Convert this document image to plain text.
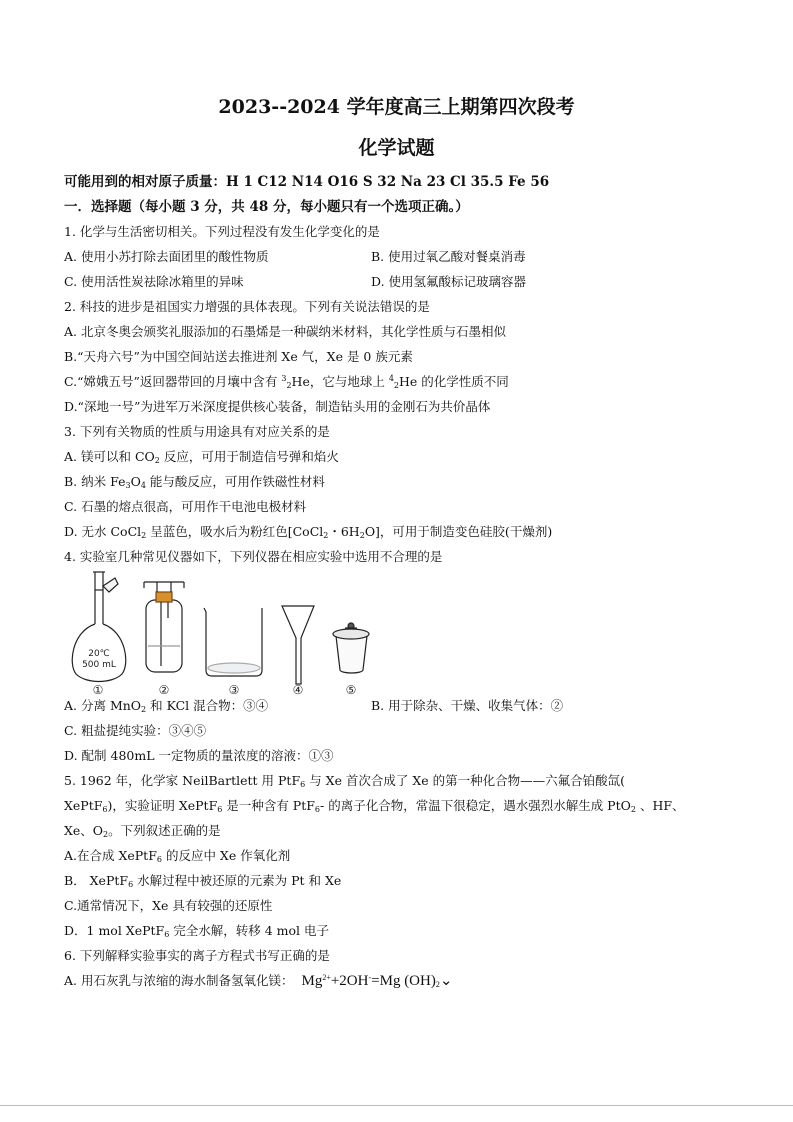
2023--2024 学年度高三上期第四次段考
化学试题
可能用到的相对原子质量：H 1 C12 N14 O16 S 32 Na 23 Cl 35.5 Fe 56
一．选择题（每小题 3 分，共 48 分，每小题只有一个选项正确。）
1. 化学与生活密切相关。下列过程没有发生化学变化的是
A. 使用小苏打除去面团里的酸性物质	B. 使用过氧乙酸对餐桌消毒
C. 使用活性炭祛除冰箱里的异味	D. 使用氢氟酸标记玻璃容器
2. 科技的进步是祖国实力增强的具体表现。下列有关说法错误的是
A. 北京冬奥会颁奖礼服添加的石墨烯是一种碳纳米材料，其化学性质与石墨相似
B.“天舟六号”为中国空间站送去推进剂 Xe 气，Xe 是 0 族元素
C.“嫦娥五号”返回器带回的月壤中含有 $^3_2$He，它与地球上 $^4_2$He 的化学性质不同
D.“深地一号”为进军万米深度提供核心装备，制造钻头用的金刚石为共价晶体
3. 下列有关物质的性质与用途具有对应关系的是
A. 镁可以和 $CO_2$ 反应，可用于制造信号弹和焰火
B. 纳米 $Fe_3O_4$ 能与酸反应，可用作铁磁性材料
C. 石墨的熔点很高，可用作干电池电极材料
D. 无水 CoCl$_2$ 呈蓝色，吸水后为粉红色[CoCl$_2$・$6H_2O$]，可用于制造变色硅胶(干燥剂)
4. 实验室几种常见仪器如下，下列仪器在相应实验中选用不合理的是
20℃
500 mL
①	②	③	④	⑤
A. 分离 MnO$_2$ 和 KCl 混合物：③④	B. 用于除杂、干燥、收集气体：②
C. 粗盐提纯实验：③④⑤
D. 配制 480mL 一定物质的量浓度的溶液：①③
5. 1962 年，化学家 NeilBartlett 用 PtF$_6$ 与 Xe 首次合成了 Xe 的第一种化合物——六氟合铂酸氙(
XePtF$_6$)，实验证明 XePtF$_6$ 是一种含有 PtF$_6$- 的离子化合物，常温下很稳定，遇水强烈水解生成 PtO$_2$ 、HF、
Xe、$O_2$。下列叙述正确的是
A.在合成 XePtF$_6$ 的反应中 Xe 作氧化剂
B． XePtF$_6$ 水解过程中被还原的元素为 Pt 和 Xe
C.通常情况下，Xe 具有较强的还原性
D．1 mol XePtF$_6$ 完全水解，转移 4 mol 电子
6. 下列解释实验事实的离子方程式书写正确的是
A. 用石灰乳与浓缩的海水制备氢氧化镁： $Mg^{2+}+2OH^-=Mg$ $(OH)_2⌄$
